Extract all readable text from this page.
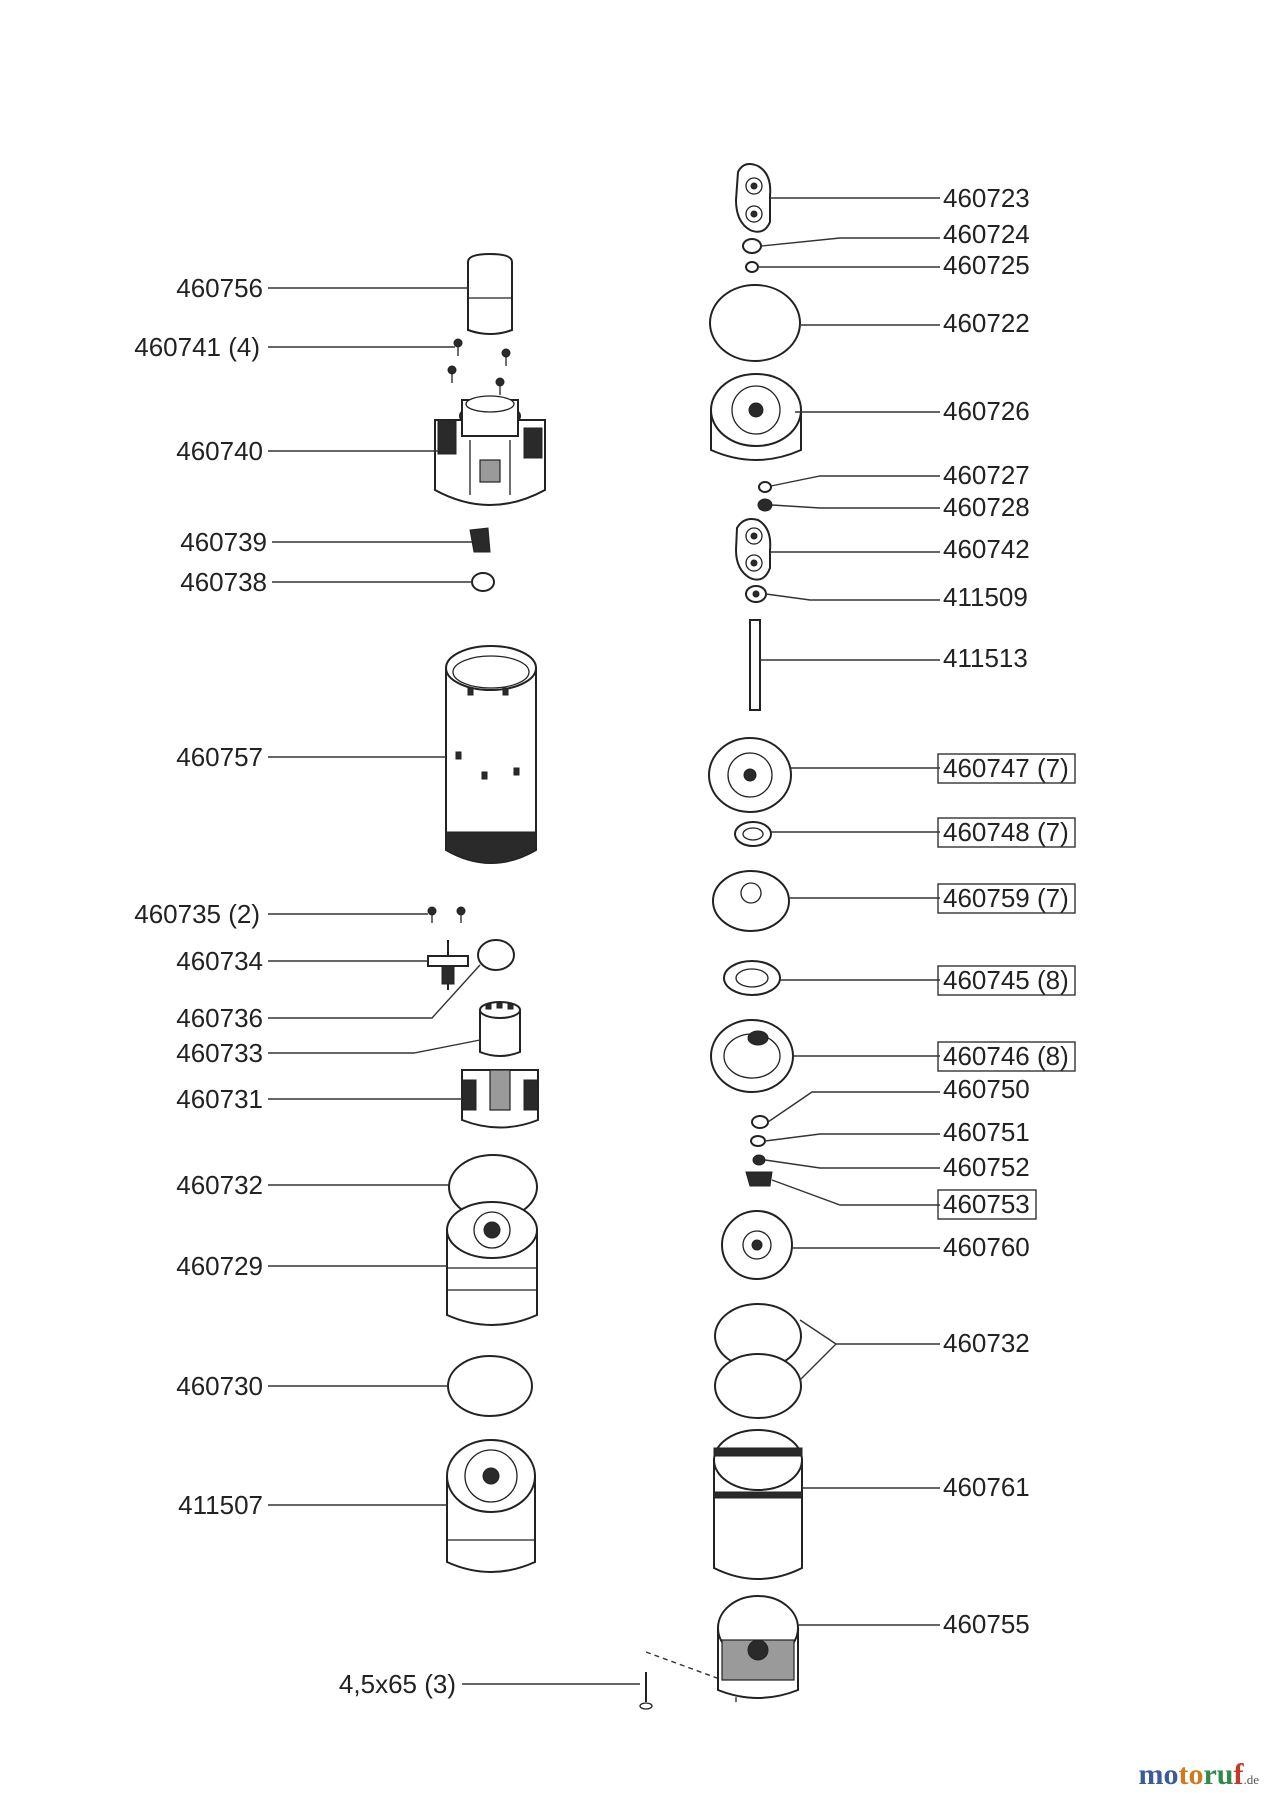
460756
460741 (4)
460740
460739
460738
460757
460735 (2)
460734
460736
460733
460731
460732
460729
460730
411507
4,5x65 (3)
460723
460724
460725
460722
460726
460727
460728
460742
411509
411513
460747 (7)
460748 (7)
460759 (7)
460745 (8)
460746 (8)
460750
460751
460752
460753
460760
460732
460761
460755
motoruf.de
